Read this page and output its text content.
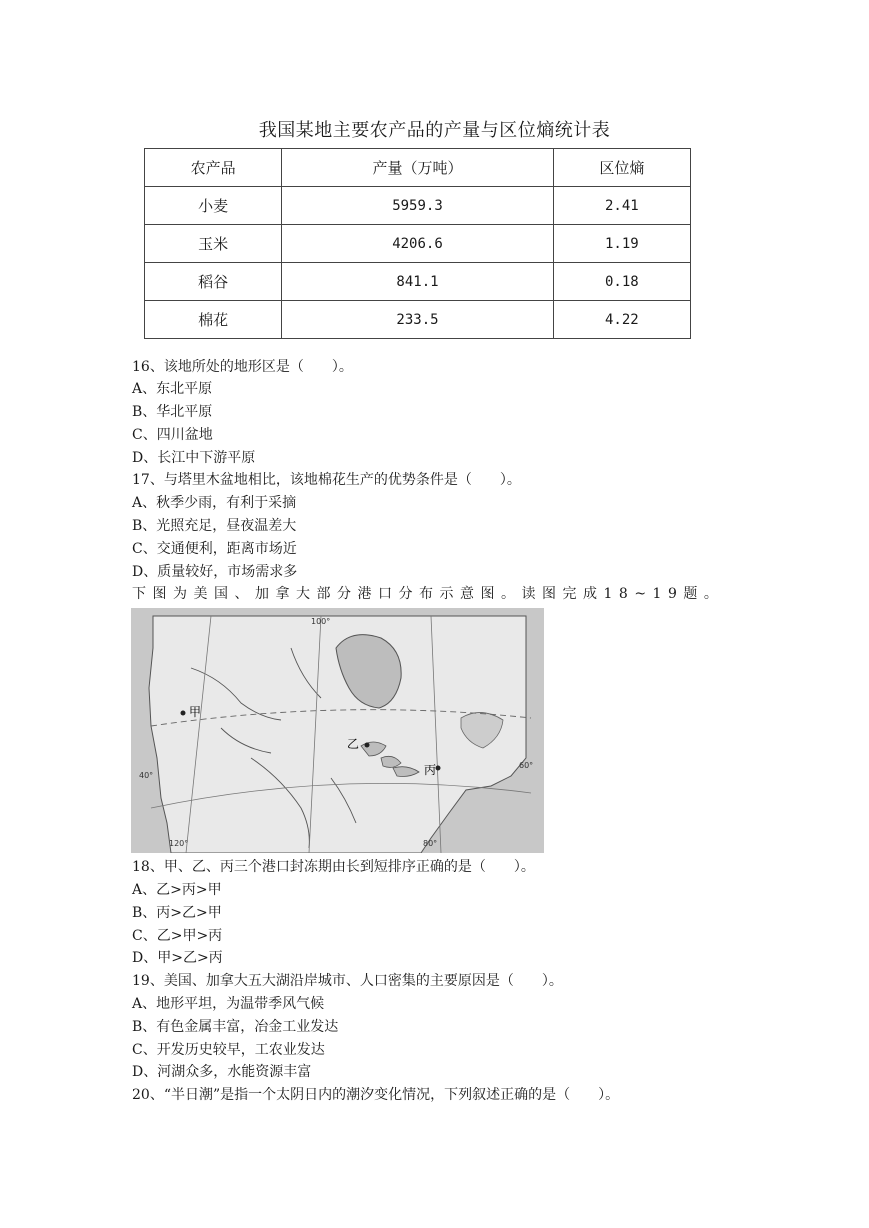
我国某地主要农产品的产量与区位熵统计表
农产品	产量（万吨）	区位熵
小麦	5959.3	2.41
玉米	4206.6	1.19
稻谷	841.1	0.18
棉花	233.5	4.22
16、该地所处的地形区是（　　）。
A、东北平原
B、华北平原
C、四川盆地
D、长江中下游平原
17、与塔里木盆地相比，该地棉花生产的优势条件是（　　）。
A、秋季少雨，有利于采摘
B、光照充足，昼夜温差大
C、交通便利，距离市场近
D、质量较好，市场需求多
下图为美国、加拿大部分港口分布示意图。读图完成18~19题。
甲
乙
丙
120°
100°
80°
60°
40°
18、甲、乙、丙三个港口封冻期由长到短排序正确的是（　　）。
A、乙>丙>甲
B、丙>乙>甲
C、乙>甲>丙
D、甲>乙>丙
19、美国、加拿大五大湖沿岸城市、人口密集的主要原因是（　　）。
A、地形平坦，为温带季风气候
B、有色金属丰富，冶金工业发达
C、开发历史较早，工农业发达
D、河湖众多，水能资源丰富
20、“半日潮”是指一个太阴日内的潮汐变化情况，下列叙述正确的是（　　）。
